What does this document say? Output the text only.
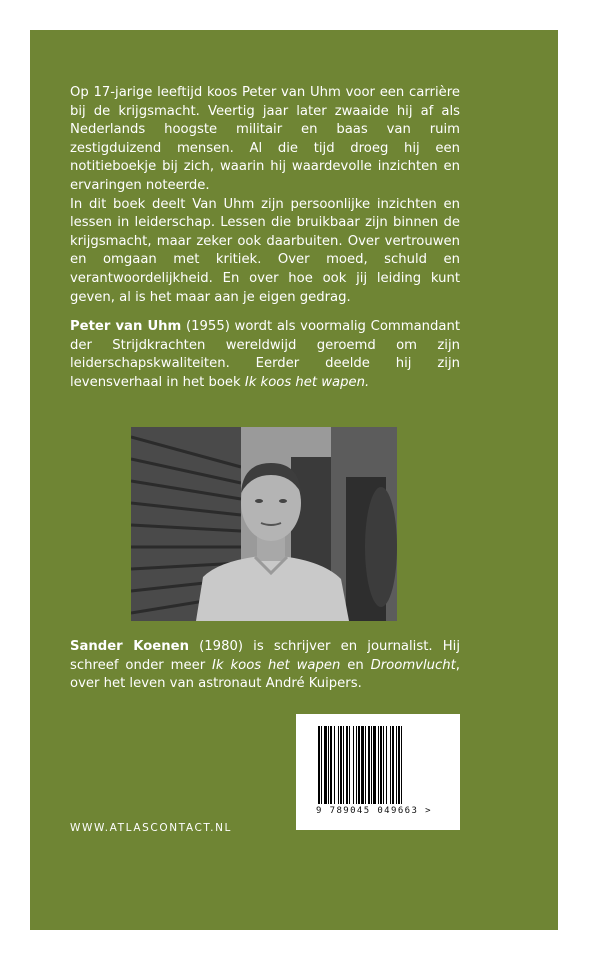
Op 17-jarige leeftijd koos Peter van Uhm voor een carrière bij de krijgsmacht. Veertig jaar later zwaaide hij af als Nederlands hoogste militair en baas van ruim zestigduizend mensen. Al die tijd droeg hij een notitieboekje bij zich, waarin hij waardevolle inzichten en ervaringen noteerde.

In dit boek deelt Van Uhm zijn persoonlijke inzichten en lessen in leiderschap. Lessen die bruikbaar zijn binnen de krijgsmacht, maar zeker ook daarbuiten. Over vertrouwen en omgaan met kritiek. Over moed, schuld en verantwoordelijkheid. En over hoe ook jij leiding kunt geven, al is het maar aan je eigen gedrag.

Peter van Uhm (1955) wordt als voormalig Commandant der Strijdkrachten wereldwijd geroemd om zijn leiderschapskwaliteiten. Eerder deelde hij zijn levensverhaal in het boek Ik koos het wapen.

Sander Koenen (1980) is schrijver en journalist. Hij schreef onder meer Ik koos het wapen en Droomvlucht, over het leven van astronaut André Kuipers.

WWW.ATLASCONTACT.NL
9 789045 049663 >
